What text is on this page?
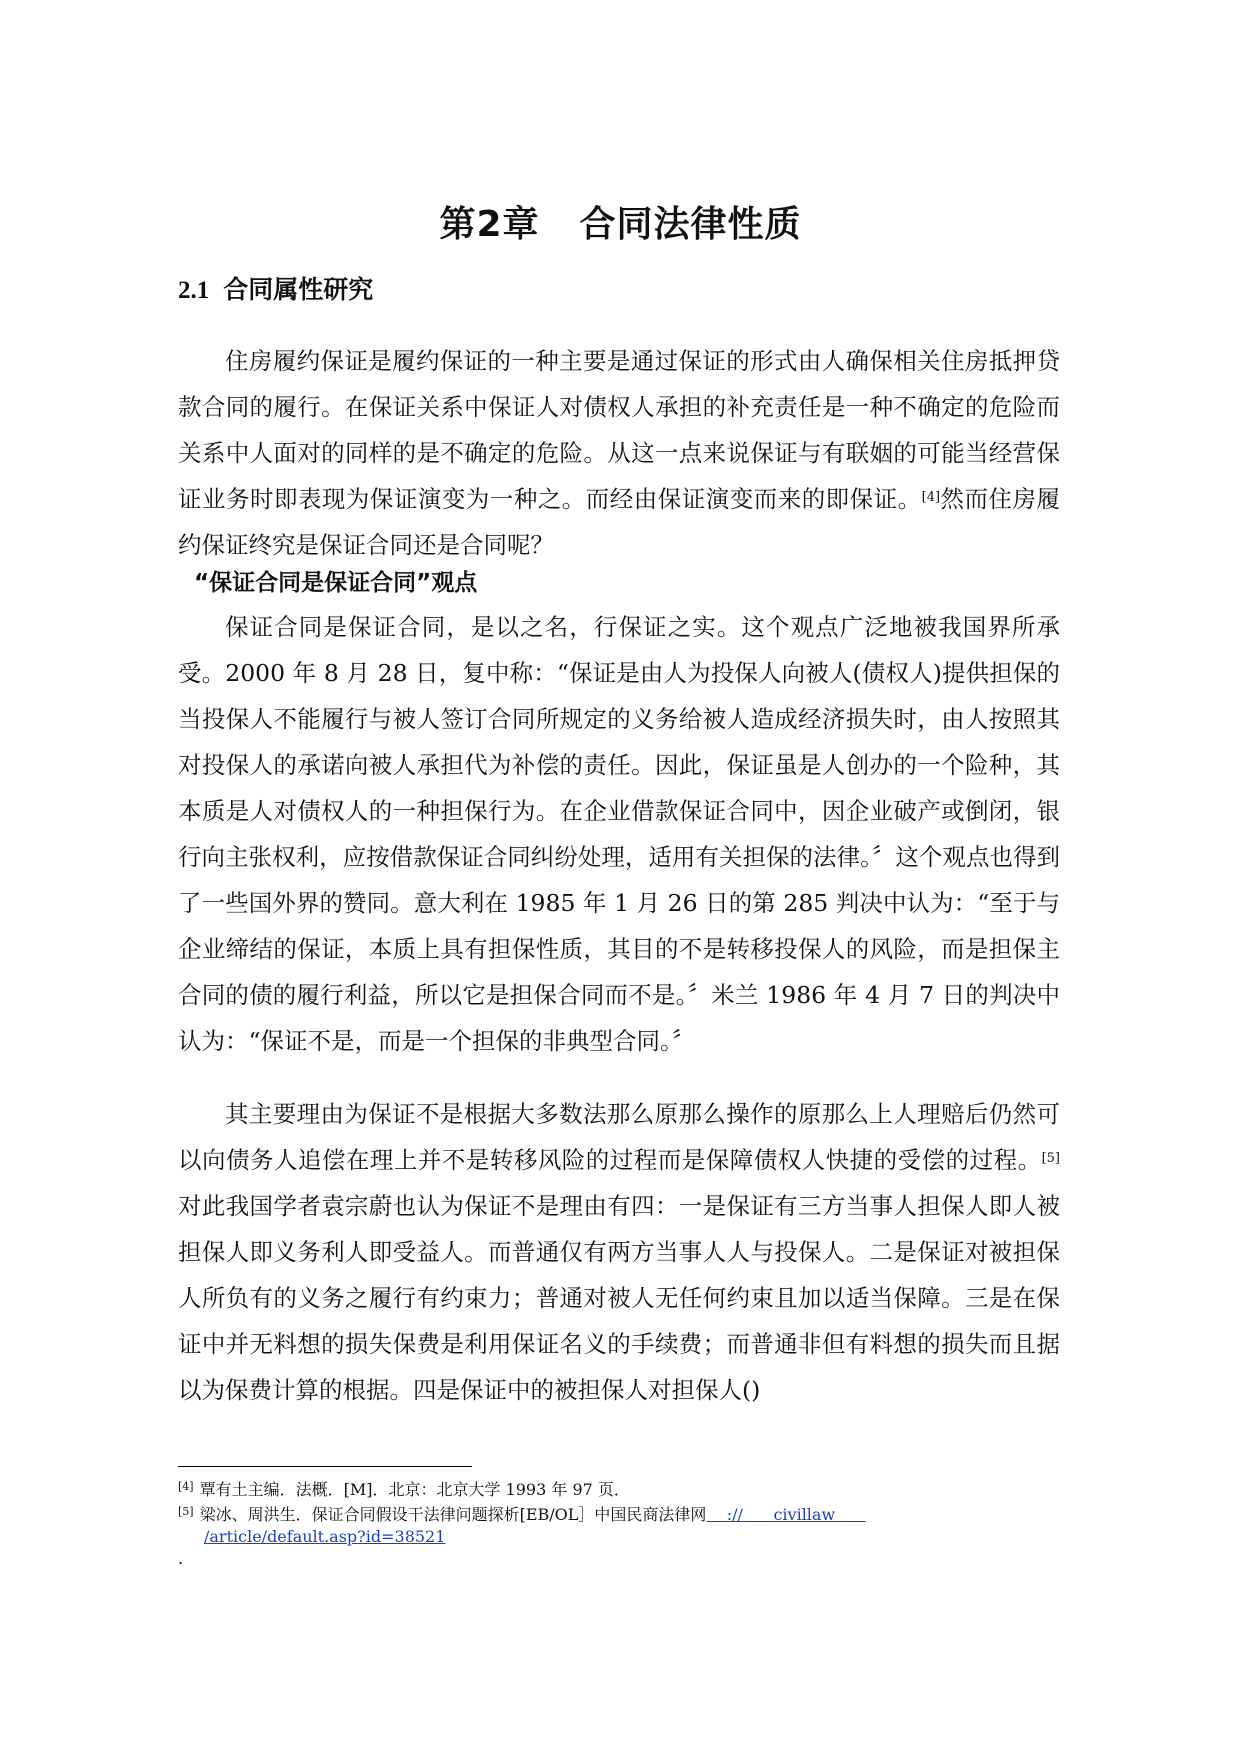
第2章 合同法律性质
2.1 合同属性研究

住房履约保证是履约保证的一种主要是通过保证的形式由人确保相关住房抵押贷款合同的履行。在保证关系中保证人对债权人承担的补充责任是一种不确定的危险而关系中人面对的同样的是不确定的危险。从这一点来说保证与有联姻的可能当经营保证业务时即表现为保证演变为一种之。而经由保证演变而来的即保证。[4]然而住房履约保证终究是保证合同还是合同呢？

“保证合同是保证合同”观点

保证合同是保证合同，是以之名，行保证之实。这个观点广泛地被我国界所承受。2000 年 8 月 28 日，复中称：“保证是由人为投保人向被人(债权人)提供担保的当投保人不能履行与被人签订合同所规定的义务给被人造成经济损失时，由人按照其对投保人的承诺向被人承担代为补偿的责任。因此，保证虽是人创办的一个险种，其本质是人对债权人的一种担保行为。在企业借款保证合同中，因企业破产或倒闭，银行向主张权利，应按借款保证合同纠纷处理，适用有关担保的法律。〞这个观点也得到了一些国外界的赞同。意大利在 1985 年 1 月 26 日的第 285 判决中认为：“至于与企业缔结的保证，本质上具有担保性质，其目的不是转移投保人的风险，而是担保主合同的债的履行利益，所以它是担保合同而不是。〞米兰 1986 年 4 月 7 日的判决中认为：“保证不是，而是一个担保的非典型合同。〞

其主要理由为保证不是根据大多数法那么原那么操作的原那么上人理赔后仍然可以向债务人追偿在理上并不是转移风险的过程而是保障债权人快捷的受偿的过程。[5]对此我国学者袁宗蔚也认为保证不是理由有四：一是保证有三方当事人担保人即人被担保人即义务利人即受益人。而普通仅有两方当事人人与投保人。二是保证对被担保人所负有的义务之履行有约束力；普通对被人无任何约束且加以适当保障。三是在保证中并无料想的损失保费是利用保证名义的手续费；而普通非但有料想的损失而且据以为保费计算的根据。四是保证中的被担保人对担保人()

[4] 覃有土主编．法概．[M]．北京：北京大学 1993 年 97 页．

[5] 梁冰、周洪生．保证合同假设干法律问题探析[EB/OL］中国民商法律网    ://      civillaw
/article/default.asp?id=38521

.
